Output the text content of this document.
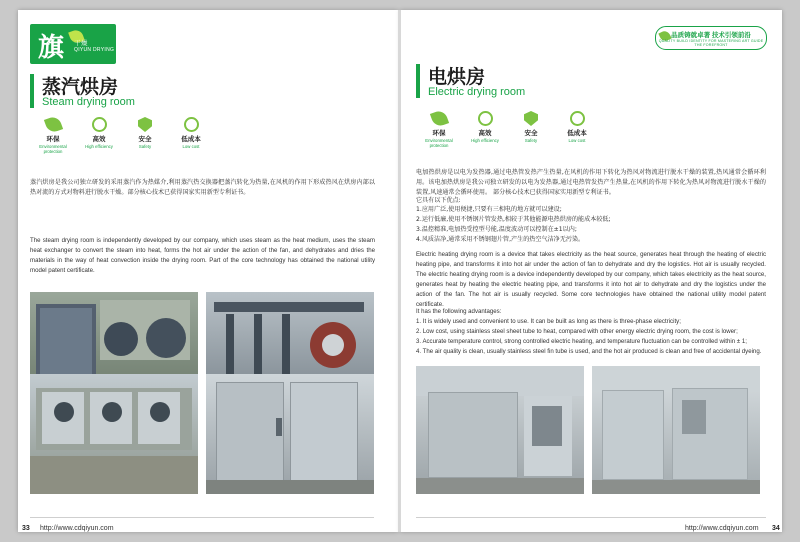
旗 干燥
QIYUN DRYING
品质铸就卓著 技术引领前沿
QUALITY BUILD IDENTITY FOR MASTERING ART GUIDE THE FOREFRONT
蒸汽烘房
Steam drying room
环保
Environmental protection
高效
High efficiency
安全
Safety
低成本
Low cost
蒸汽烘房是我公司独立研发的采用蒸汽作为热媒介,利用蒸汽热交换器把蒸汽转化为热量,在风机的作用下形成热风在烘房内部以热对流的方式对物料进行脱水干燥。部分核心技术已获得国家实用新型专利证书。
The steam drying room is independently developed by our company, which uses steam as the heat medium, uses the steam heat exchanger to convert the steam into heat, forms the hot air under the action of the fan, and dehydrates and dries the materials in the way of heat convection inside the drying room. Part of the core technology has obtained the national utility model patent certificate.
电烘房
Electric drying room
环保
Environmental protection
高效
High efficiency
安全
Safety
低成本
Low cost
电加热烘房是以电为发热器,通过电热管发热产生热量,在风机的作用下转化为热风对物流进行脱水干燥的装置,热风通常会循环利用。该电加热烘房是我公司独立研发的以电为发热器,通过电热管发热产生热量,在风机的作用下转化为热风对物流进行脱水干燥的装置,风速通常会循环使用。 部分核心技术已获得国家实用新型专利证书。
它具有以下优点:
1.应用广泛,使用便捷,只要有三相电的地方就可以建设;
2.运行低廉,使用不锈钢片管发热,相较于其他能源电热烘房的能成本较低;
3.温控精准,电加热受控型号能,温度波动可以控制在±1以内;
4.风质洁净,通常采用不锈钢翅片管,产生的热空气洁净无污染。
Electric heating drying room is a device that takes electricity as the heat source, generates heat through the heating of electric heating pipe, and transforms it into hot air under the action of fan to dehydrate and dry the logistics. Hot air is usually recycled. The electric heating drying room is a device independently developed by our company, which takes electricity as the heat source, generates heat by heating the electric heating pipe, and transforms it into hot air to dehydrate and dry the logistics under the action of the fan. The hot air is usually recycled. Some core technologies have obtained the national utility model patent certificate.
It has the following advantages:
1. It is widely used and convenient to use. It can be built as long as there is three-phase electricity;
2. Low cost, using stainless steel sheet tube to heat, compared with other energy electric drying room, the cost is lower;
3. Accurate temperature control, strong controlled electric heating, and temperature fluctuation can be controlled within ± 1;
4. The air quality is clean, usually stainless steel fin tube is used, and the hot air produced is clean and free of accidental dyeing.
33 http://www.cdqiyun.com	http://www.cdqiyun.com 34
